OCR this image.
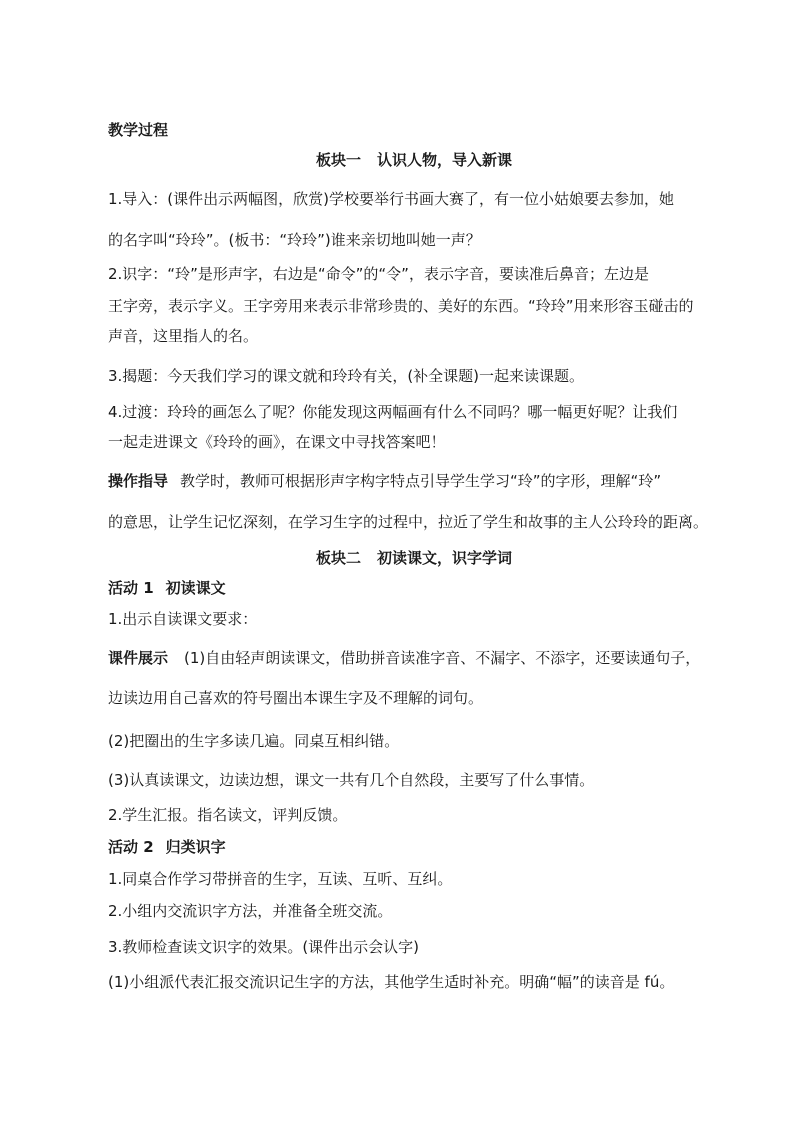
教学过程
板块一 认识人物，导入新课
1.导入：(课件出示两幅图，欣赏)学校要举行书画大赛了，有一位小姑娘要去参加，她
的名字叫“玲玲”。(板书：“玲玲”)谁来亲切地叫她一声？
2.识字：“玲”是形声字，右边是“命令”的“令”，表示字音，要读准后鼻音；左边是
王字旁，表示字义。王字旁用来表示非常珍贵的、美好的东西。“玲玲”用来形容玉碰击的
声音，这里指人的名。
3.揭题：今天我们学习的课文就和玲玲有关，(补全课题)一起来读课题。
4.过渡：玲玲的画怎么了呢？你能发现这两幅画有什么不同吗？哪一幅更好呢？让我们
一起走进课文《玲玲的画》，在课文中寻找答案吧！
操作指导 教学时，教师可根据形声字构字特点引导学生学习“玲”的字形，理解“玲”
的意思，让学生记忆深刻，在学习生字的过程中，拉近了学生和故事的主人公玲玲的距离。
板块二 初读课文，识字学词
活动 1 初读课文
1.出示自读课文要求：
课件展示 (1)自由轻声朗读课文，借助拼音读准字音、不漏字、不添字，还要读通句子，
边读边用自己喜欢的符号圈出本课生字及不理解的词句。
(2)把圈出的生字多读几遍。同桌互相纠错。
(3)认真读课文，边读边想，课文一共有几个自然段，主要写了什么事情。
2.学生汇报。指名读文，评判反馈。
活动 2 归类识字
1.同桌合作学习带拼音的生字，互读、互听、互纠。
2.小组内交流识字方法，并准备全班交流。
3.教师检查读文识字的效果。(课件出示会认字)
(1)小组派代表汇报交流识记生字的方法，其他学生适时补充。明确“幅”的读音是 fú。
